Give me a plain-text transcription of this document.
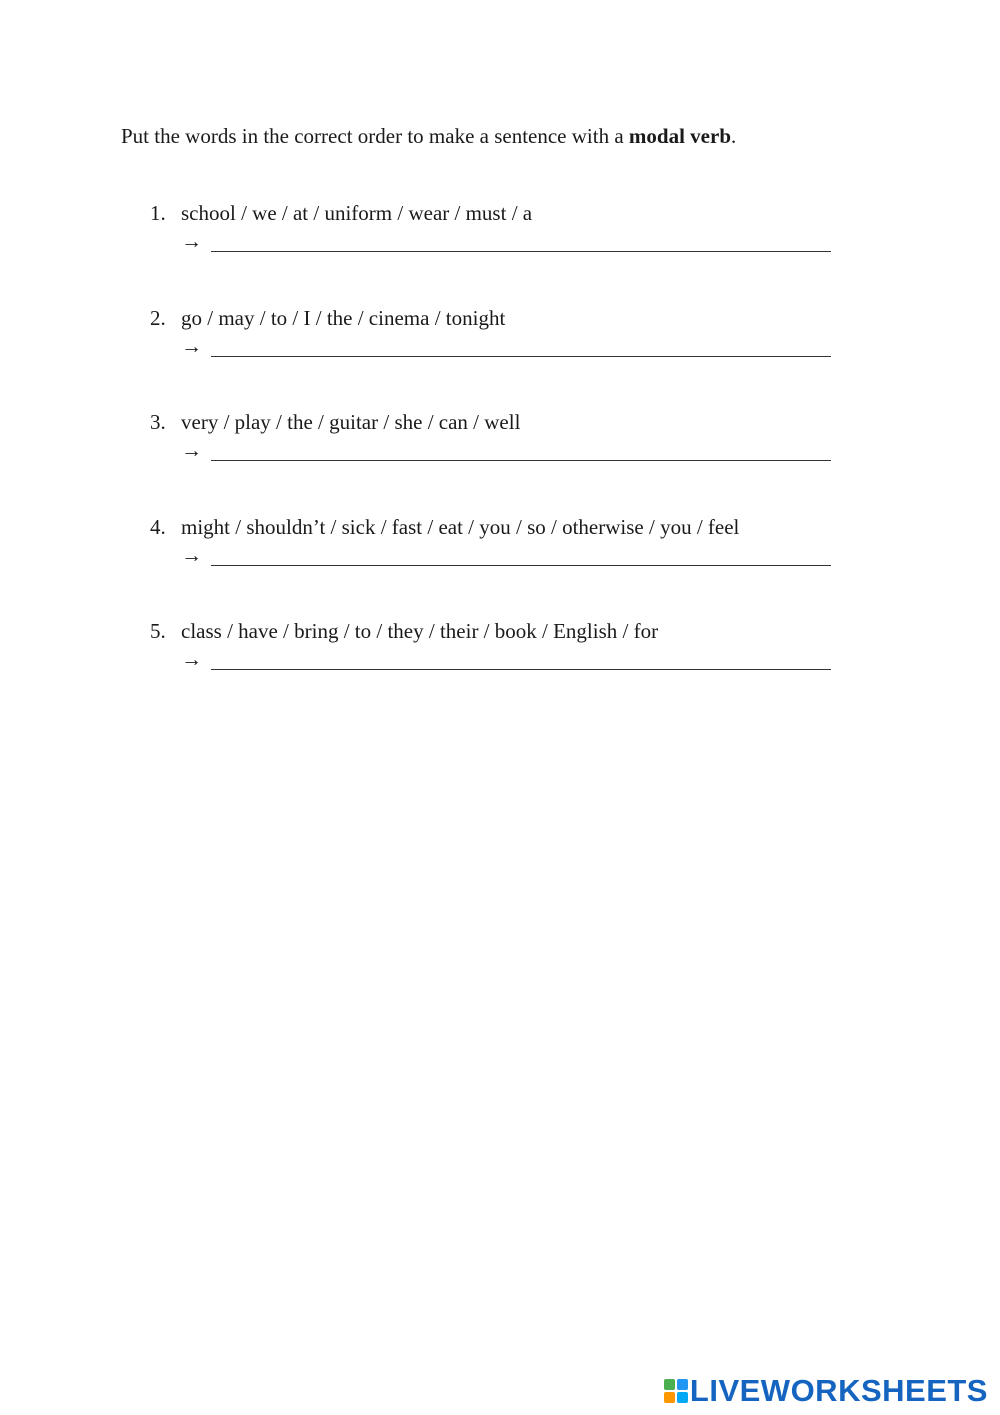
Put the words in the correct order to make a sentence with a modal verb.
1. school / we / at / uniform / wear / must / a
→
2. go / may / to / I / the / cinema / tonight
→
3. very / play / the / guitar / she / can / well
→
4. might / shouldn’t / sick / fast / eat / you / so / otherwise / you / feel
→
5. class / have / bring / to / they / their / book / English / for
→
LIVEWORKSHEETS
